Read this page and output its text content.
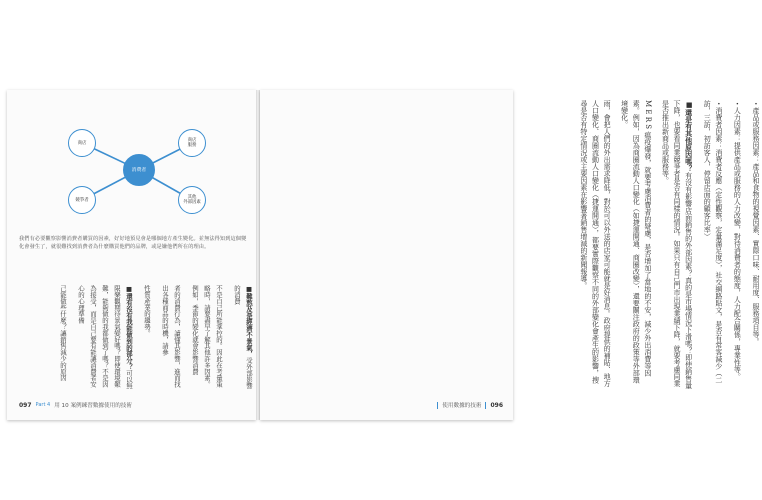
消費者
商店	商店
服務
其他
外部因素
競爭者
我們有必要觀察影響消費者購買的因素，好好地預見會是哪個地方產生變化。並無法得知到這個變化會發生了，就很難找到消費者為什麼購買他們的品牌，或是嫌他們所在的理由。

■難熬及是經濟不景氣，受外部影響的消費

不是自己所能掌控的。因此在考量策略時，請要盡早了解其他許多因素。例如，季節的變化就會影響消費

者的消費行為，讀懂其影響，進而找出各種商品的時機，請參

性質產業的趨勢。

■還有沒有我能做到的部分？可以無限樂觀期待景氣變好嗎？即使環境艱難，能夠做的我都做到了嗎？不是因為接受，而是自己要有能讓消費者安心的心理準備

己能做些什麼？讓銷售減少的原因

097 Part 4 用 10 案例練習數據使用的技術

・產品或服務因素：產品和食物的視覺因素、實際口味、耐用度、服務項目等。

・人力因素：提供產品或服務的人力改變，對待消費者的態度，人力配合關係，專業性等。

・消費者因素：消費者反應（定性觀察，定量滿足度），社交網路貼文，是否有常客減少（二訪，三訪，初訪客人，停留店面的顧客比率）

■還是有其他原因嗎？有沒有影響店面銷售的外部因素？真的是市場情況下滑嗎？即使銷售量下降，也要看同業競爭者是否有同樣的情況。如果只有自己門市出現業績下降，就要考慮同業是否推出新商品或服務等。

M E R S 瘟疫爆發，就要考慮消費者的疑慮，是否增加了當地的不安，減少外出消費等因素。例如，因為商圈流動人口變化（如捷運開通、商圈改變），還要關注政府的政策等外部環境變化。

雨，會把人們的外出需求降低，對於可以外送的店家可能就是好消息。政府提供的補貼、地方人口變化、商圈流動人口變化（捷運開通），都要實際觀察不同的外部變化會產生的影響，搜尋是否有特定情況或主要因素在影響著銷售增減的新聞報導。

使用數據的技術 096
